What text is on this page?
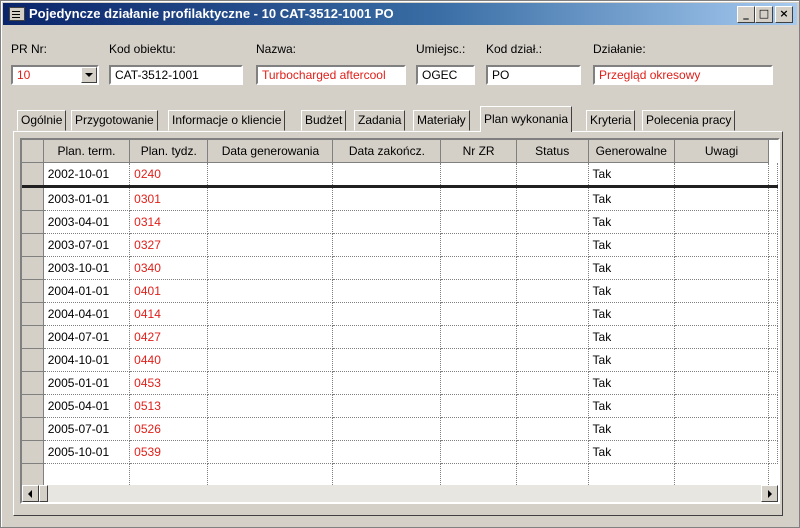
Pojedyncze działanie profilaktyczne - 10 CAT-3512-1001 PO	_ □ ×
PR Nr:	Kod obiektu:	Nazwa:	Umiejsc.: Kod dział.:	Działanie:
10	CAT-3512-1001	Turbocharged aftercool	OGEC	PO	Przegląd okresowy
Ogólnie	Przygotowanie	Informacje o kliencie	Budżet	Zadania	Materiały	Plan wykonania	Kryteria	Polecenia pracy
	Plan. term.	Plan. tydz.	Data generowania	Data zakończ.	Nr ZR	Status	Generowalne	Uwagi	
	2002-10-01	0240					Tak		
	2003-01-01	0301					Tak		
	2003-04-01	0314					Tak		
	2003-07-01	0327					Tak		
	2003-10-01	0340					Tak		
	2004-01-01	0401					Tak		
	2004-04-01	0414					Tak		
	2004-07-01	0427					Tak		
	2004-10-01	0440					Tak		
	2005-01-01	0453					Tak		
	2005-04-01	0513					Tak		
	2005-07-01	0526					Tak		
	2005-10-01	0539					Tak		
